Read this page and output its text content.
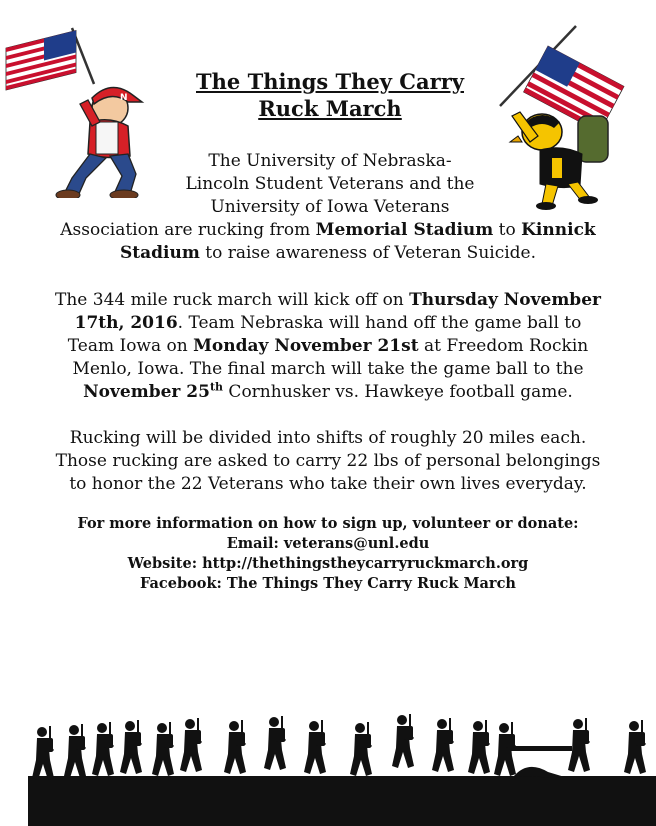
The Things They Carry
Ruck March
N
The University of Nebraska-
Lincoln Student Veterans and the
University of Iowa Veterans
Association are rucking from Memorial Stadium to Kinnick
Stadium to raise awareness of Veteran Suicide.
The 344 mile ruck march will kick off on Thursday November
17th, 2016. Team Nebraska will hand off the game ball to
Team Iowa on Monday November 21st at Freedom Rockin
Menlo, Iowa. The final march will take the game ball to the
November 25th Cornhusker vs. Hawkeye football game.
Rucking will be divided into shifts of roughly 20 miles each.
Those rucking are asked to carry 22 lbs of personal belongings
to honor the 22 Veterans who take their own lives everyday.
For more information on how to sign up, volunteer or donate:
Email: veterans@unl.edu
Website: http://thethingstheycarryruckmarch.org
Facebook: The Things They Carry Ruck March
